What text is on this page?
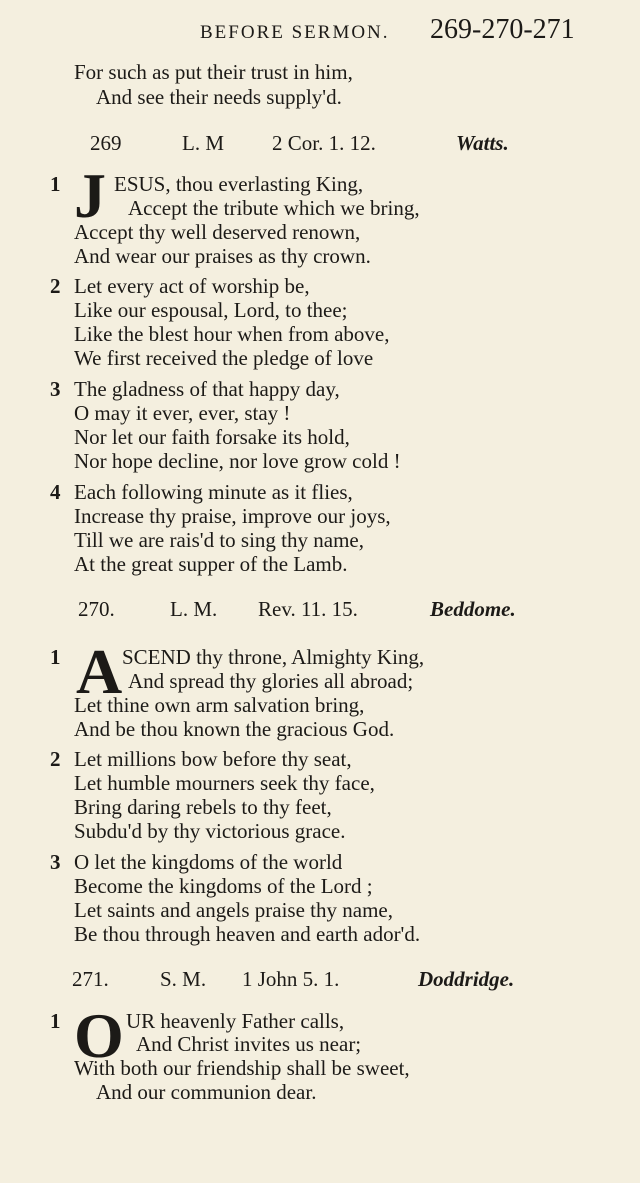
BEFORE SERMON. 269-270-271
For such as put their trust in him,
And see their needs supply'd.
269	L. M 2 Cor. 1. 12.	Watts.
1 J ESUS, thou everlasting King,
Accept the tribute which we bring,
Accept thy well deserved renown,
And wear our praises as thy crown.
2 Let every act of worship be,
Like our espousal, Lord, to thee;
Like the blest hour when from above,
We first received the pledge of love
3 The gladness of that happy day,
O may it ever, ever, stay !
Nor let our faith forsake its hold,
Nor hope decline, nor love grow cold !
4 Each following minute as it flies,
Increase thy praise, improve our joys,
Till we are rais'd to sing thy name,
At the great supper of the Lamb.
270.	L. M. Rev. 11. 15.	Beddome.
1 A SCEND thy throne, Almighty King,
And spread thy glories all abroad;
Let thine own arm salvation bring,
And be thou known the gracious God.
2 Let millions bow before thy seat,
Let humble mourners seek thy face,
Bring daring rebels to thy feet,
Subdu'd by thy victorious grace.
3 O let the kingdoms of the world
Become the kingdoms of the Lord ;
Let saints and angels praise thy name,
Be thou through heaven and earth ador'd.
271. S. M. 1 John 5. 1.	Doddridge.
1 O UR heavenly Father calls,
And Christ invites us near;
With both our friendship shall be sweet,
And our communion dear.
